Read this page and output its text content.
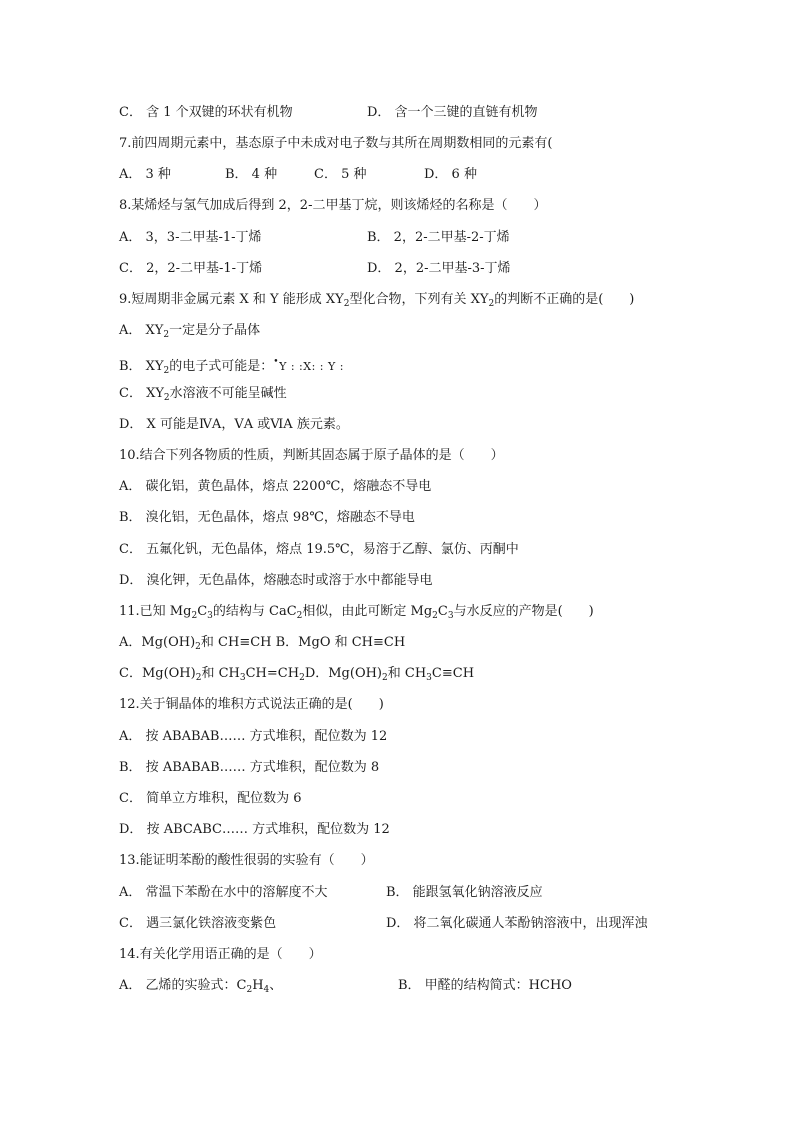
C． 含 1 个双键的环状有机物	D． 含一个三键的直链有机物
7.前四周期元素中，基态原子中未成对电子数与其所在周期数相同的元素有(
A． 3 种	B． 4 种	C． 5 种	D． 6 种
8.某烯烃与氢气加成后得到 2，2-二甲基丁烷，则该烯烃的名称是（　　）
A． 3，3-二甲基-1-丁烯	B． 2，2-二甲基-2-丁烯
C． 2，2-二甲基-1-丁烯	D． 2，2-二甲基-3-丁烯
9.短周期非金属元素 X 和 Y 能形成 $XY_2$型化合物，下列有关 $XY_2$的判断不正确的是(　　)
A． $XY_2$一定是分子晶体
B． $XY_2$的电子式可能是：•Y : :X: : Y :
C． $XY_2$水溶液不可能呈碱性
D． X 可能是ⅣA，ⅤA 或ⅥA 族元素。
10.结合下列各物质的性质，判断其固态属于原子晶体的是（　　）
A． 碳化铝，黄色晶体，熔点 2200℃，熔融态不导电
B． 溴化铝，无色晶体，熔点 98℃，熔融态不导电
C． 五氟化钒，无色晶体，熔点 19.5℃，易溶于乙醇、氯仿、丙酮中
D． 溴化钾，无色晶体，熔融态时或溶于水中都能导电
11.已知 $Mg_2C_3$的结构与 CaC$_2$相似，由此可断定 $Mg_2C_3$与水反应的产物是(　　)
A．$Mg(OH)_2$和 CH≡CH B．MgO 和 CH≡CH
C．$Mg(OH)_2$和 $CH_3CH=CH_2D$．$Mg(OH)_2$和 $CH_3C\equiv CH$
12.关于铜晶体的堆积方式说法正确的是(　　)
A． 按 ABABAB…… 方式堆积，配位数为 12
B． 按 ABABAB…… 方式堆积，配位数为 8
C． 简单立方堆积，配位数为 6
D． 按 ABCABC…… 方式堆积，配位数为 12
13.能证明苯酚的酸性很弱的实验有（　　）
A． 常温下苯酚在水中的溶解度不大	B． 能跟氢氧化钠溶液反应
C． 遇三氯化铁溶液变紫色	D． 将二氧化碳通人苯酚钠溶液中，出现浑浊
14.有关化学用语正确的是（　　）
A． 乙烯的实验式：$C_2H_4$、	B． 甲醛的结构简式：HCHO
